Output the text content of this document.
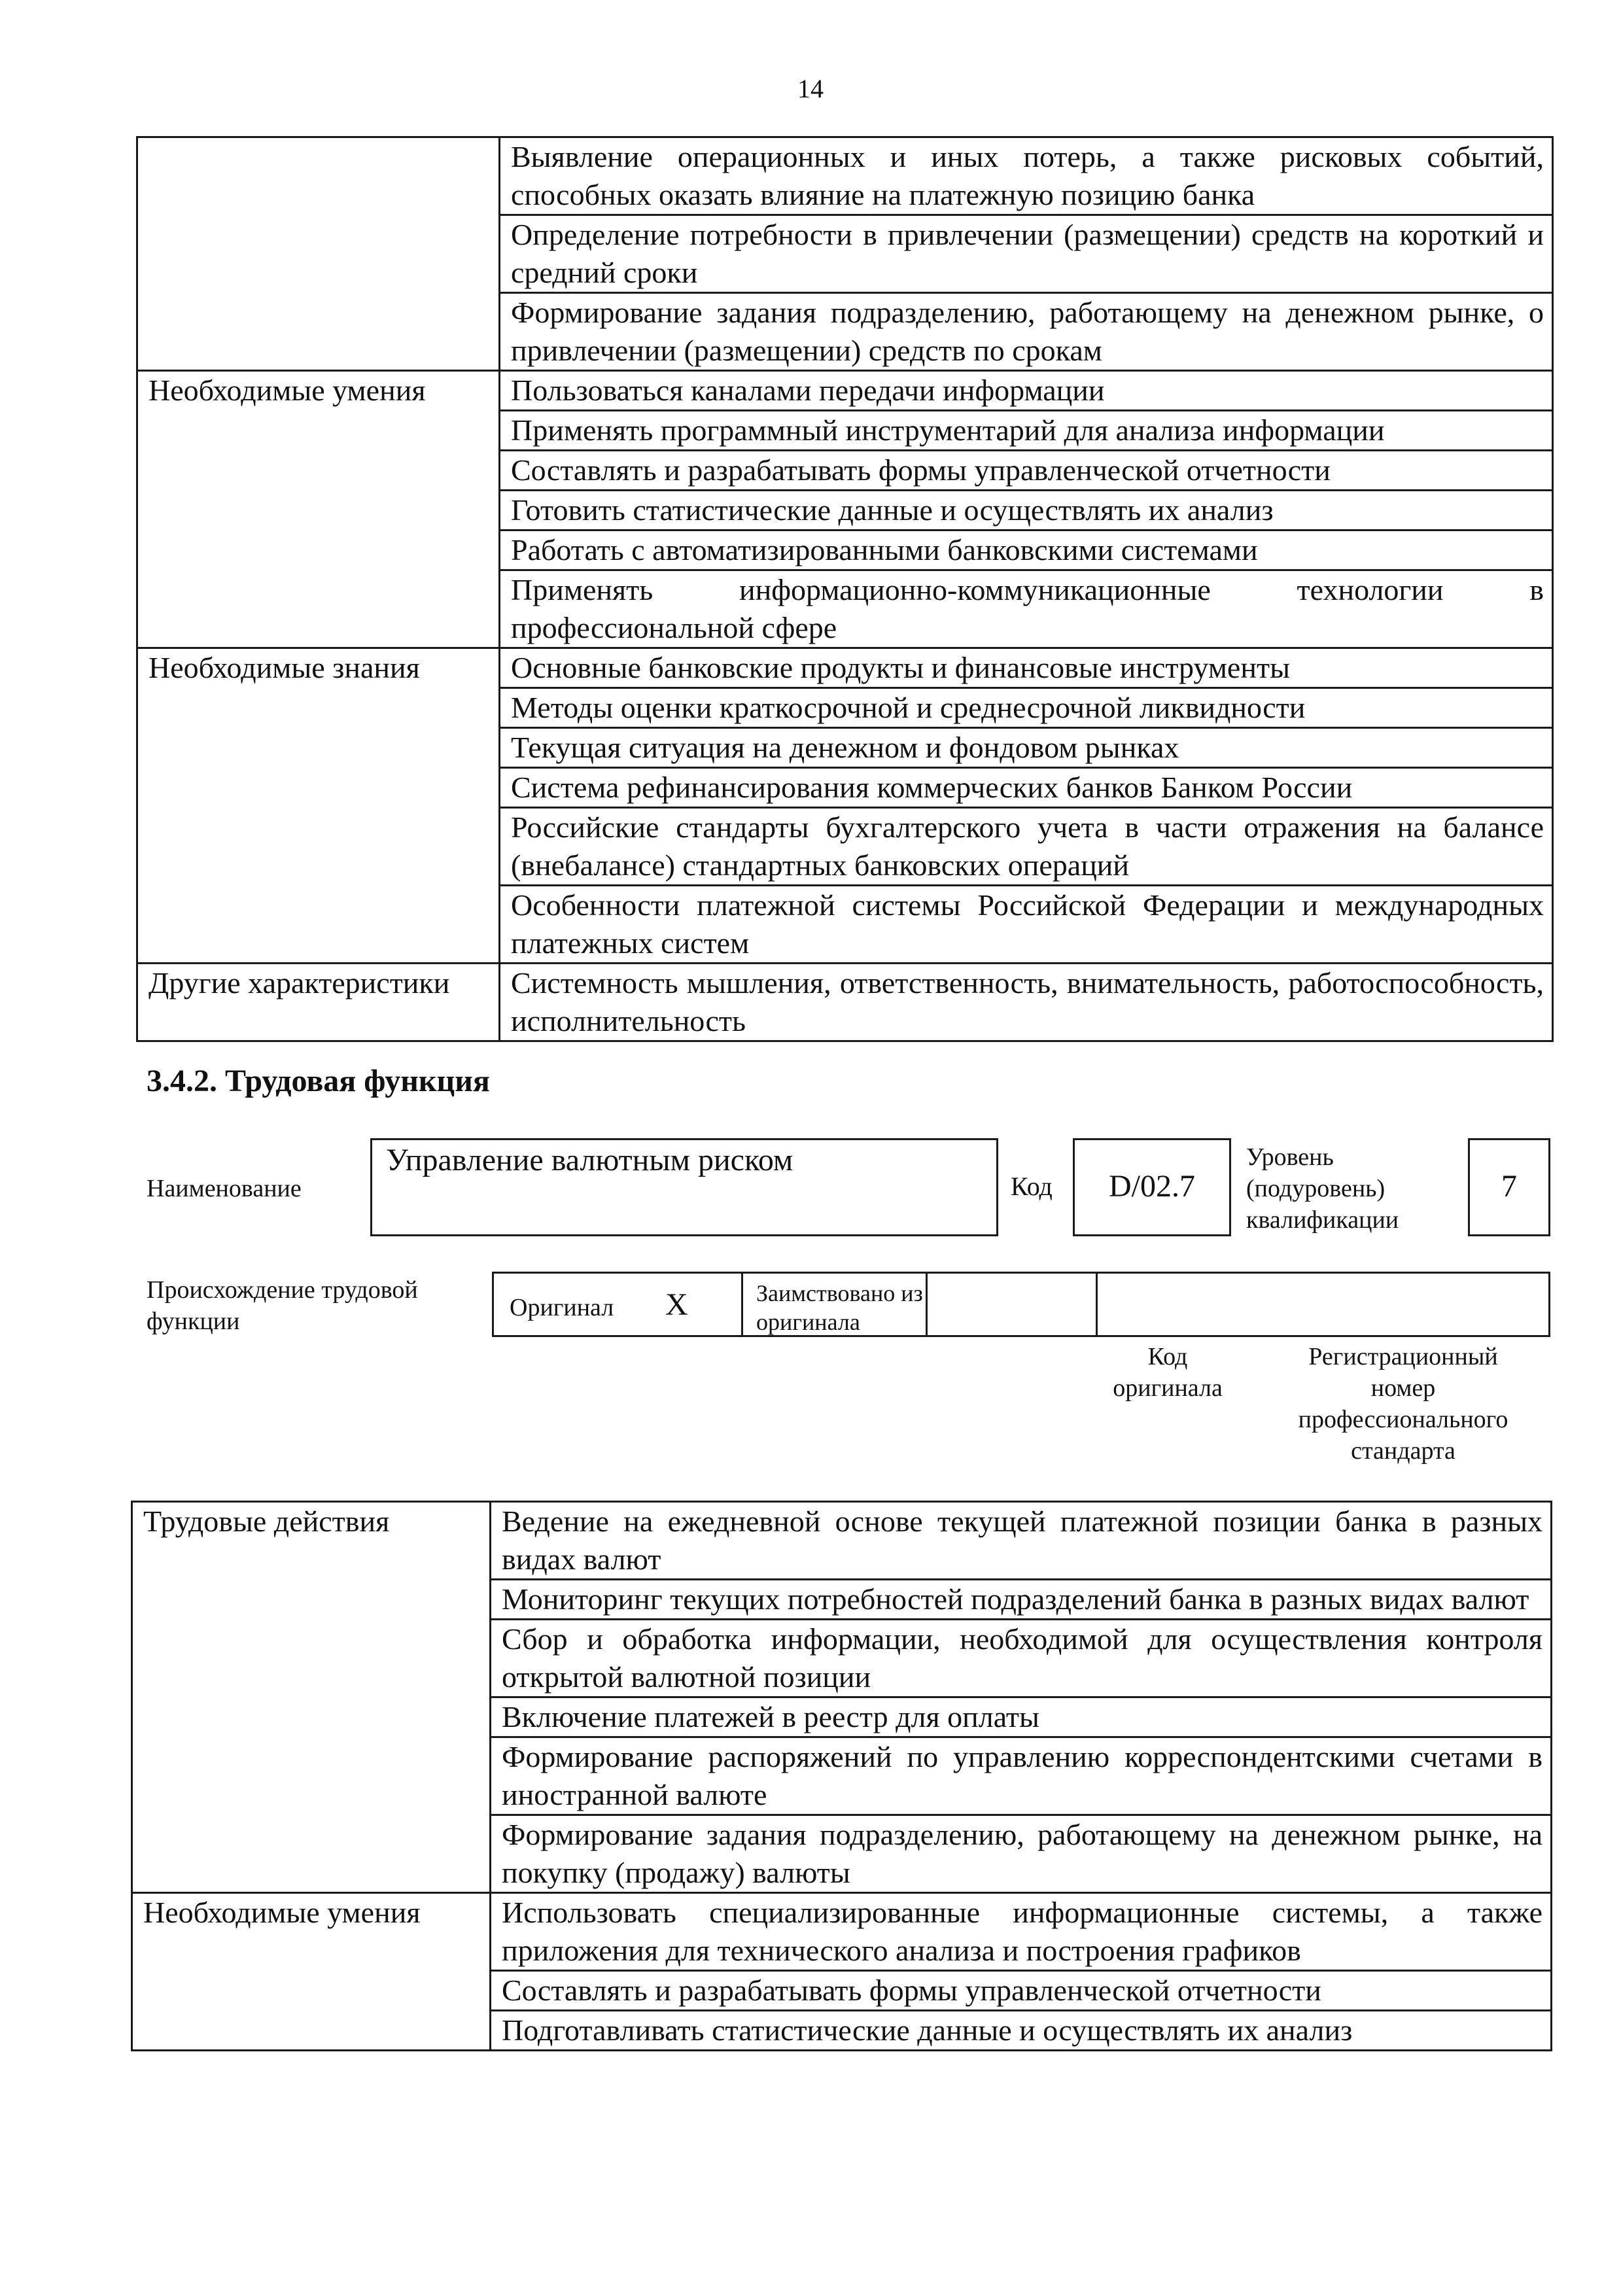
14
	Выявление операционных и иных потерь, а также рисковых событий, способных оказать влияние на платежную позицию банка
	Определение потребности в привлечении (размещении) средств на короткий и средний сроки
	Формирование задания подразделению, работающему на денежном рынке, о привлечении (размещении) средств по срокам
Необходимые умения	Пользоваться каналами передачи информации
	Применять программный инструментарий для анализа информации
	Составлять и разрабатывать формы управленческой отчетности
	Готовить статистические данные и осуществлять их анализ
	Работать с автоматизированными банковскими системами
	Применять информационно-коммуникационные технологии в профессиональной сфере
Необходимые знания	Основные банковские продукты и финансовые инструменты
	Методы оценки краткосрочной и среднесрочной ликвидности
	Текущая ситуация на денежном и фондовом рынках
	Система рефинансирования коммерческих банков Банком России
	Российские стандарты бухгалтерского учета в части отражения на балансе (внебалансе) стандартных банковских операций
	Особенности платежной системы Российской Федерации и международных платежных систем
Другие характеристики	Системность мышления, ответственность, внимательность, работоспособность, исполнительность
3.4.2. Трудовая функция
Наименование
Управление валютным риском
Код	D/02.7
Уровень
(подуровень)
квалификации
7
Происхождение трудовой
функции	Оригинал X	Заимствовано из
оригинала
Код
оригинала
Регистрационный
номер
профессионального
стандарта
Трудовые действия	Ведение на ежедневной основе текущей платежной позиции банка в разных видах валют
	Мониторинг текущих потребностей подразделений банка в разных видах валют
	Сбор и обработка информации, необходимой для осуществления контроля открытой валютной позиции
	Включение платежей в реестр для оплаты
	Формирование распоряжений по управлению корреспондентскими счетами в иностранной валюте
	Формирование задания подразделению, работающему на денежном рынке, на покупку (продажу) валюты
Необходимые умения	Использовать специализированные информационные системы, а также приложения для технического анализа и построения графиков
	Составлять и разрабатывать формы управленческой отчетности
	Подготавливать статистические данные и осуществлять их анализ
